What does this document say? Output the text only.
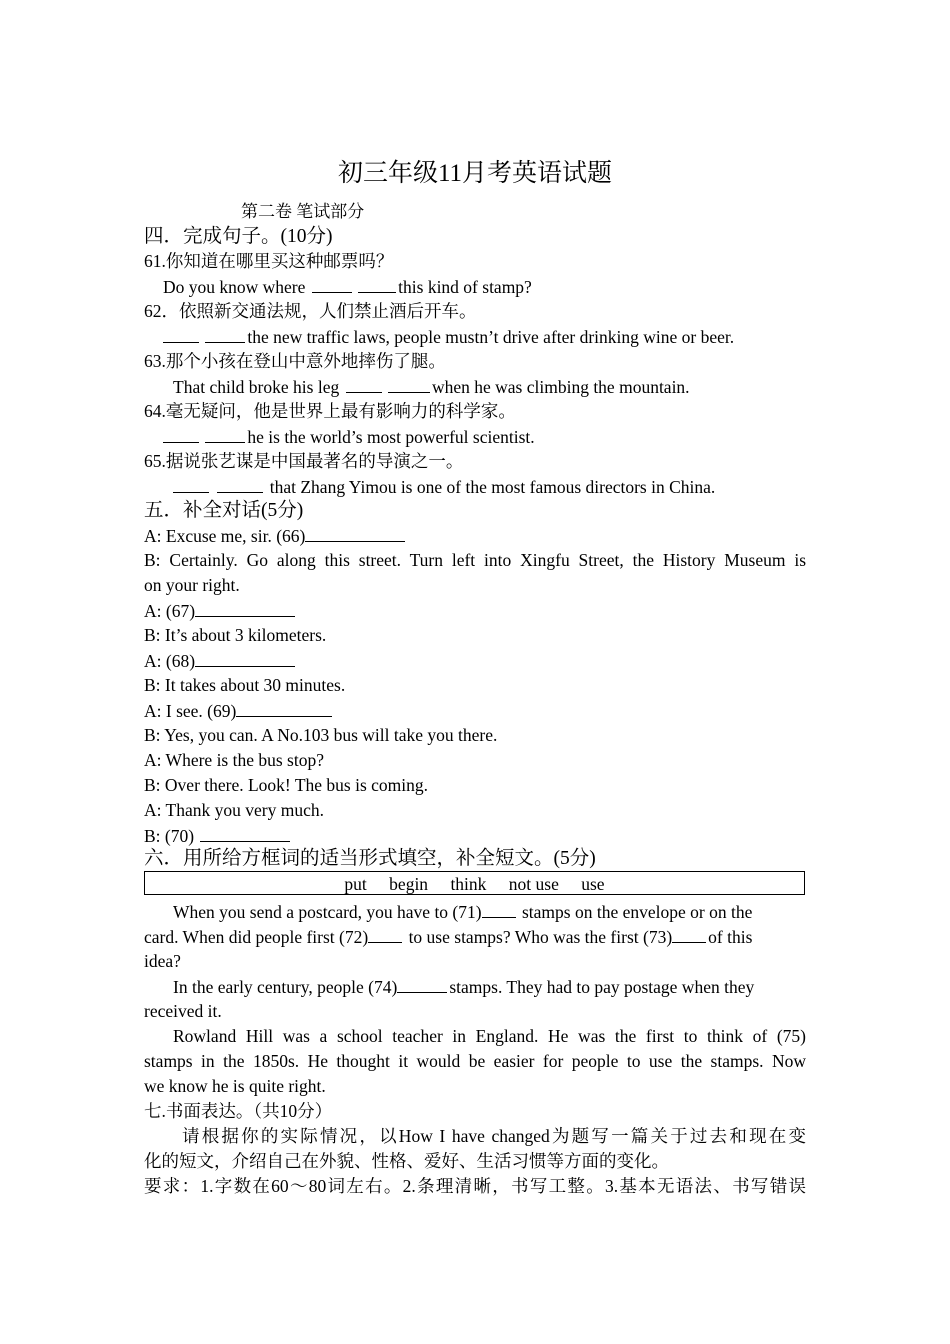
初三年级11月考英语试题
第二卷 笔试部分
四．完成句子。(10分)
61.你知道在哪里买这种邮票吗？
Do you know where	this kind of stamp?
62．依照新交通法规，人们禁止酒后开车。
the new traffic laws, people mustn’t drive after drinking wine or beer.
63.那个小孩在登山中意外地摔伤了腿。
That child broke his leg	when he was climbing the mountain.
64.毫无疑问，他是世界上最有影响力的科学家。
he is the world’s most powerful scientist.
65.据说张艺谋是中国最著名的导演之一。
that Zhang Yimou is one of the most famous directors in China.
五．补全对话(5分)
A: Excuse me, sir. (66)
B: Certainly. Go along this street. Turn left into Xingfu Street, the History Museum is
on your right.
A: (67)
B: It’s about 3 kilometers.
A: (68)
B: It takes about 30 minutes.
A: I see. (69)
B: Yes, you can. A No.103 bus will take you there.
A: Where is the bus stop?
B: Over there. Look! The bus is coming.
A: Thank you very much.
B: (70)
六．用所给方框词的适当形式填空，补全短文。(5分)
put begin think not use use
When you send a postcard, you have to (71) stamps on the envelope or on the
card. When did people first (72) to use stamps? Who was the first (73) of this
idea?
In the early century, people (74)	stamps. They had to pay postage when they
received it.
Rowland Hill was a school teacher in England. He was the first to think of (75)
stamps in the 1850s. He thought it would be easier for people to use the stamps. Now
we know he is quite right.
七.书面表达。（共10分）
请根据你的实际情况，以How I have changed为题写一篇关于过去和现在变
化的短文，介绍自己在外貌、性格、爱好、生活习惯等方面的变化。
要求：1.字数在60～80词左右。2.条理清晰，书写工整。3.基本无语法、书写错误
